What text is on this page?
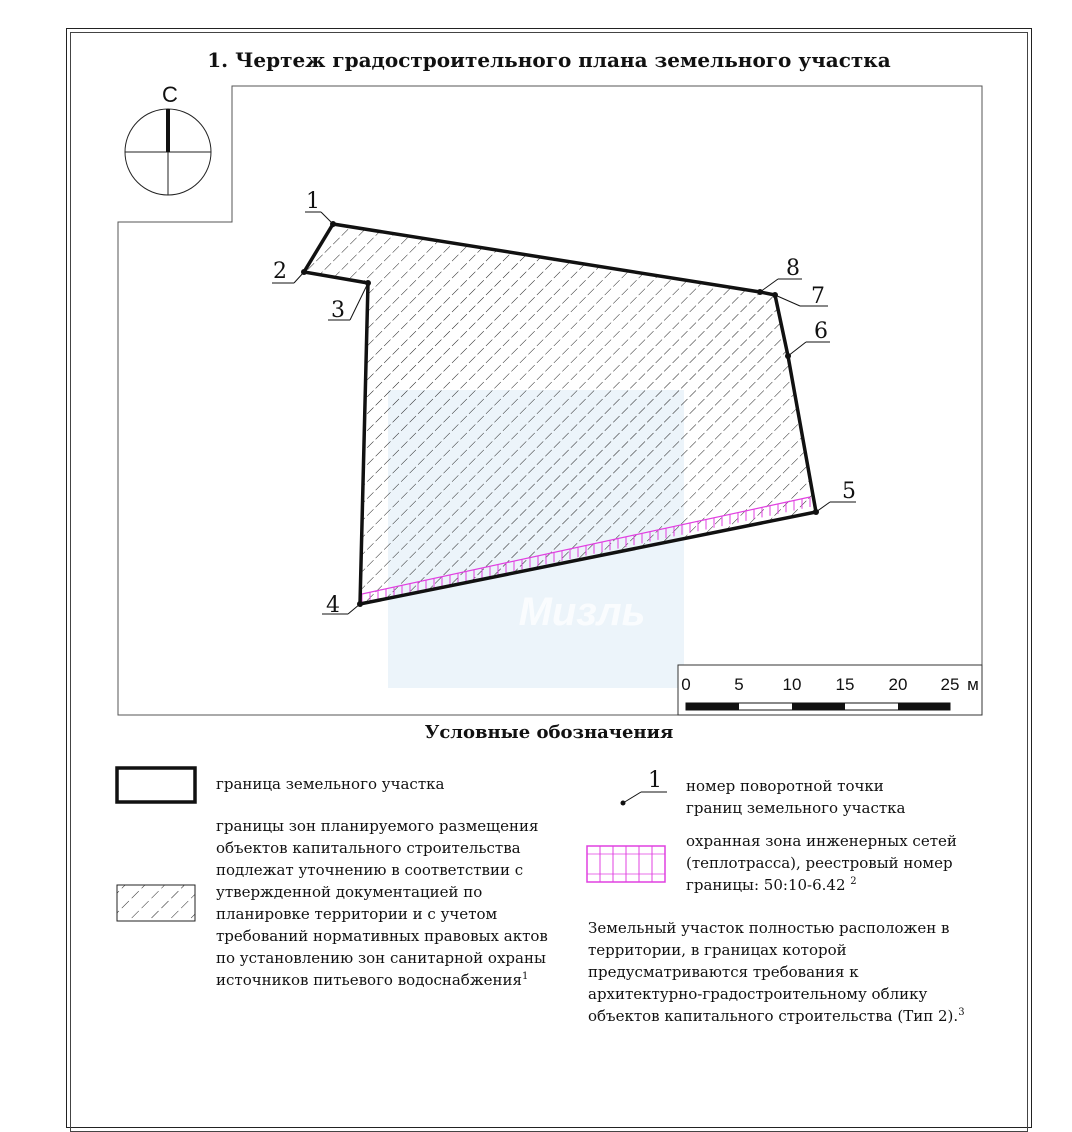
1. Чертеж градостроительного плана земельного участка
Мизль
С
1
2
3
4
5
6
7
8
0	5 10 15 20 25 м
1
Условные обозначения

граница земельного участка

границы зон планируемого размещения
объектов капитального строительства
подлежат уточнению в соответствии с
утвержденной документацией по
планировке территории и с учетом
требований нормативных правовых актов
по установлению зон санитарной охраны
источников питьевого водоснабжения$^1$

номер поворотной точки
границ земельного участка

охранная зона инженерных сетей
(теплотрасса), реестровый номер
границы: 50:10-6.42 $^2$

Земельный участок полностью расположен в
территории, в границах которой
предусматриваются требования к
архитектурно-градостроительному облику
объектов капитального строительства (Тип 2).$^3$
